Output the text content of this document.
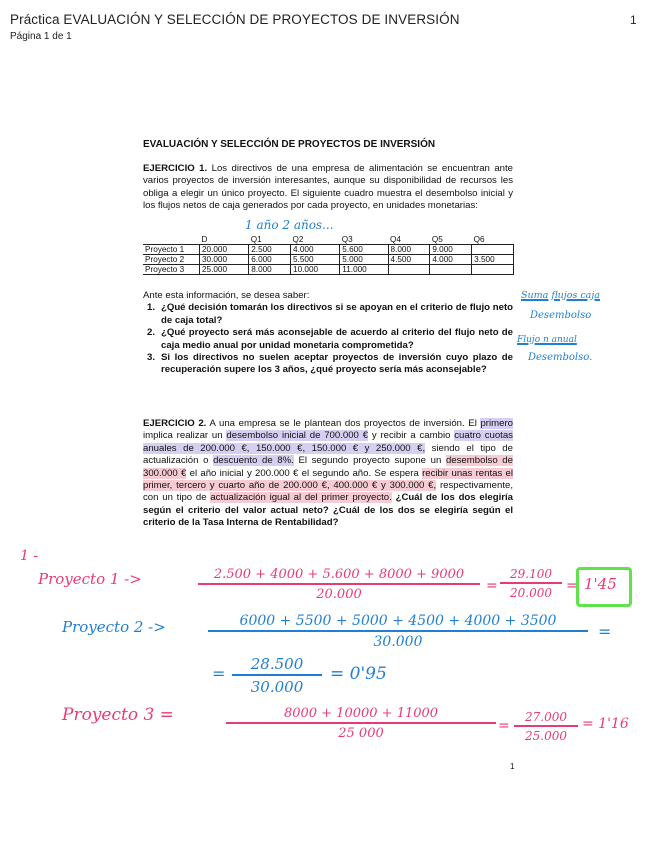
Práctica EVALUACIÓN Y SELECCIÓN DE PROYECTOS DE INVERSIÓN
Página 1 de 1
1
EVALUACIÓN Y SELECCIÓN DE PROYECTOS DE INVERSIÓN
EJERCICIO 1. Los directivos de una empresa de alimentación se encuentran ante varios proyectos de inversión interesantes, aunque su disponibilidad de recursos les obliga a elegir un único proyecto. El siguiente cuadro muestra el desembolso inicial y los flujos netos de caja generados por cada proyecto, en unidades monetarias:
1 año 2 años...
	D	Q1	Q2	Q3	Q4	Q5	Q6
Proyecto 1	20.000	2.500	4.000	5.600	8.000	9.000	
Proyecto 2	30.000	6.000	5.500	5.000	4.500	4.000	3.500
Proyecto 3	25.000	8.000	10.000	11.000			
Ante esta información, se desea saber:
1. ¿Qué decisión tomarán los directivos si se apoyan en el criterio de flujo neto de caja total?
2. ¿Qué proyecto será más aconsejable de acuerdo al criterio del flujo neto de caja medio anual por unidad monetaria comprometida?
3. Si los directivos no suelen aceptar proyectos de inversión cuyo plazo de recuperación supere los 3 años, ¿qué proyecto sería más aconsejable?
Suma flujos caja
Desembolso
Flujo n anual
Desembolso.
EJERCICIO 2. A una empresa se le plantean dos proyectos de inversión. El primero implica realizar un desembolso inicial de 700.000 € y recibir a cambio cuatro cuotas anuales de 200.000 €, 150.000 €, 150.000 € y 250.000 €, siendo el tipo de actualización o descuento de 8%. El segundo proyecto supone un desembolso de 300.000 € el año inicial y 200.000 € el segundo año. Se espera recibir unas rentas el primer, tercero y cuarto año de 200.000 €, 400.000 € y 300.000 €, respectivamente, con un tipo de actualización igual al del primer proyecto. ¿Cuál de los dos elegiría según el criterio del valor actual neto? ¿Cuál de los dos se elegiría según el criterio de la Tasa Interna de Rentabilidad?
1 -
Proyecto 1 ->	2.500 + 4000 + 5.600 + 8000 + 9000
20.000
=
29.100
20.000	= 1'45
Proyecto 2 ->	6000 + 5500 + 5000 + 4500 + 4000 + 3500
30.000
=
=	28.500
30.000
= 0'95
Proyecto 3 =	8000 + 10000 + 11000
25 000	=
27.000
25.000
= 1'16
1
